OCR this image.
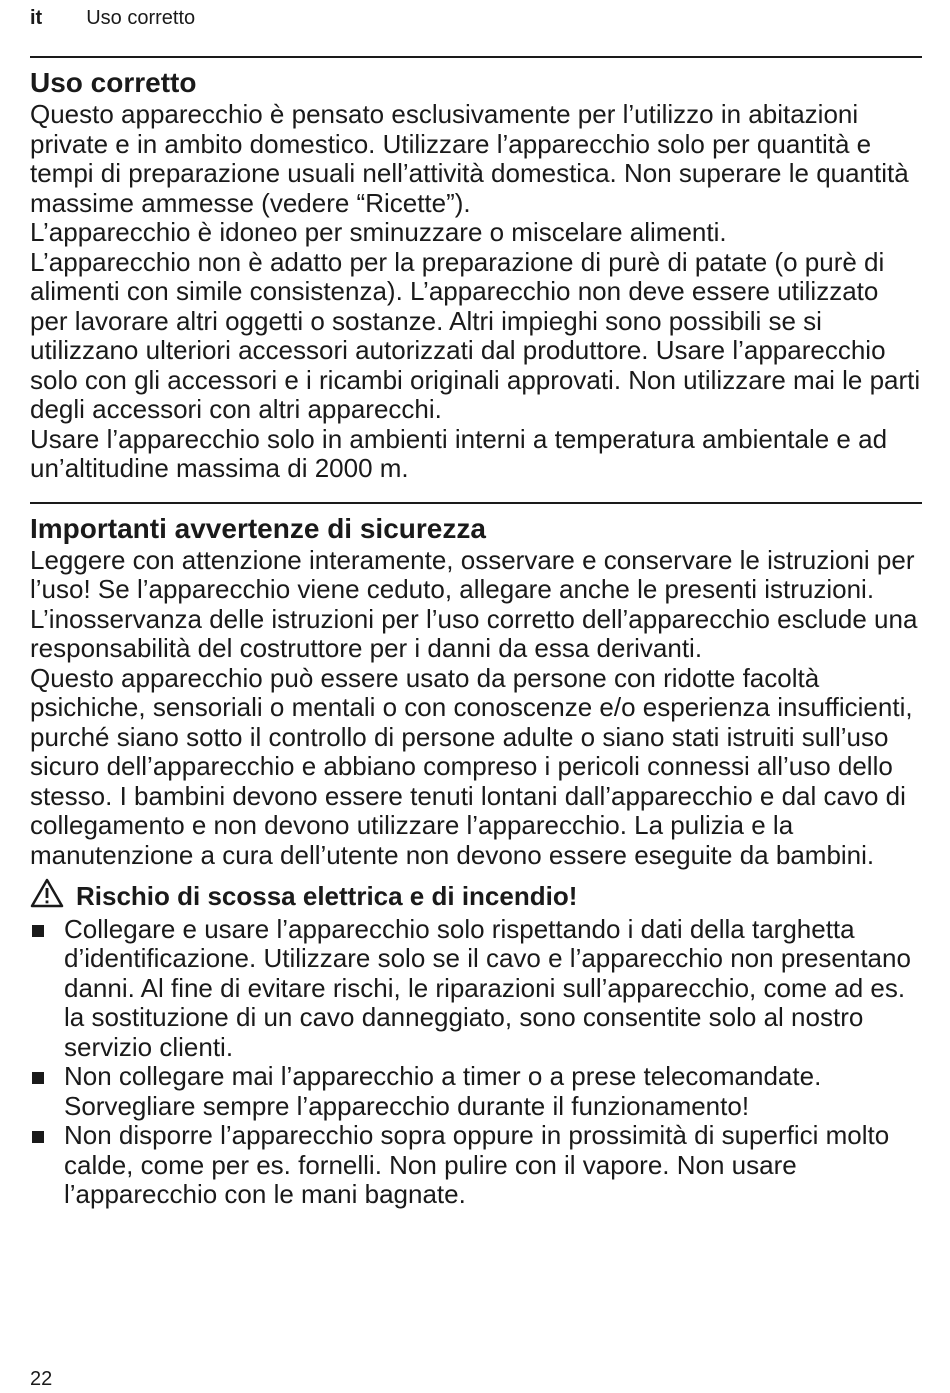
it Uso corretto
Uso corretto

Questo apparecchio è pensato esclusivamente per l’utilizzo in abitazioni private e in ambito domestico. Utilizzare l’apparecchio solo per quantità e tempi di preparazione usuali nell’attività domestica. Non superare le quantità massime ammesse (vedere “Ricette”).

L’apparecchio è idoneo per sminuzzare o miscelare alimenti.

L’apparecchio non è adatto per la preparazione di purè di patate (o purè di alimenti con simile consistenza). L’apparecchio non deve essere utilizzato per lavorare altri oggetti o sostanze. Altri impieghi sono possibili se si utilizzano ulteriori accessori autorizzati dal produttore. Usare l’apparecchio solo con gli accessori e i ricambi originali approvati. Non utilizzare mai le parti degli accessori con altri apparecchi.

Usare l’apparecchio solo in ambienti interni a temperatura ambientale e ad un’altitudine massima di 2000 m.

Importanti avvertenze di sicurezza

Leggere con attenzione interamente, osservare e conservare le istruzioni per l’uso! Se l’apparecchio viene ceduto, allegare anche le presenti istruzioni. L’inosservanza delle istruzioni per l’uso corretto dell’apparecchio esclude una responsabilità del costruttore per i danni da essa derivanti.

Questo apparecchio può essere usato da persone con ridotte facoltà psichiche, sensoriali o mentali o con conoscenze e/o esperienza insufficienti, purché siano sotto il controllo di persone adulte o siano stati istruiti sull’uso sicuro dell’apparecchio e abbiano compreso i pericoli connessi all’uso dello stesso. I bambini devono essere tenuti lontani dall’apparecchio e dal cavo di collegamento e non devono utilizzare l’apparecchio. La pulizia e la manutenzione a cura dell’utente non devono essere eseguite da bambini.

Rischio di scossa elettrica e di incendio!
Collegare e usare l’apparecchio solo rispettando i dati della targhetta d’identificazione. Utilizzare solo se il cavo e l’apparecchio non presentano danni. Al fine di evitare rischi, le riparazioni sull’apparecchio, come ad es. la sostituzione di un cavo danneggiato, sono consentite solo al nostro servizio clienti.
Non collegare mai l’apparecchio a timer o a prese telecomandate. Sorvegliare sempre l’apparecchio durante il funzionamento!
Non disporre l’apparecchio sopra oppure in prossimità di superfici molto calde, come per es. fornelli. Non pulire con il vapore. Non usare l’apparecchio con le mani bagnate.
22
